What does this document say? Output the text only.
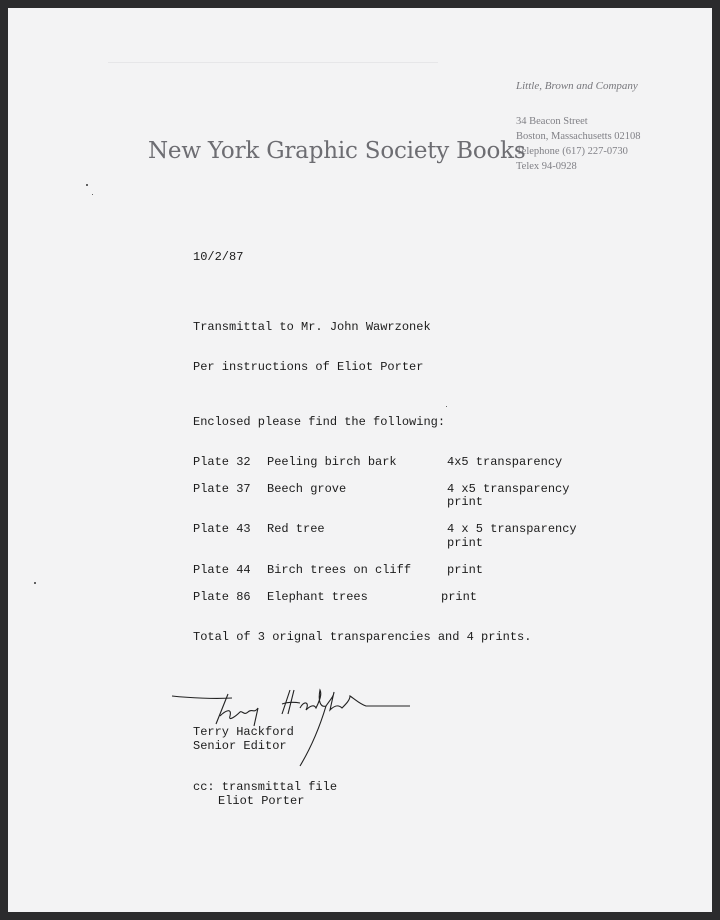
Little, Brown and Company
34 Beacon Street
Boston, Massachusetts 02108
Telephone (617) 227-0730
Telex 94-0928
New York Graphic Society Books
10/2/87
Transmittal to Mr. John Wawrzonek
Per instructions of Eliot Porter
Enclosed please find the following:
Plate 32 Peeling birch bark	4x5 transparency
Plate 37 Beech grove	4 x5 transparency
print
Plate 43 Red tree	4 x 5 transparency
print
Plate 44 Birch trees on cliff	print
Plate 86 Elephant trees	print
Total of 3 orignal transparencies and 4 prints.
Terry Hackford
Senior Editor
cc: transmittal file
Eliot Porter
